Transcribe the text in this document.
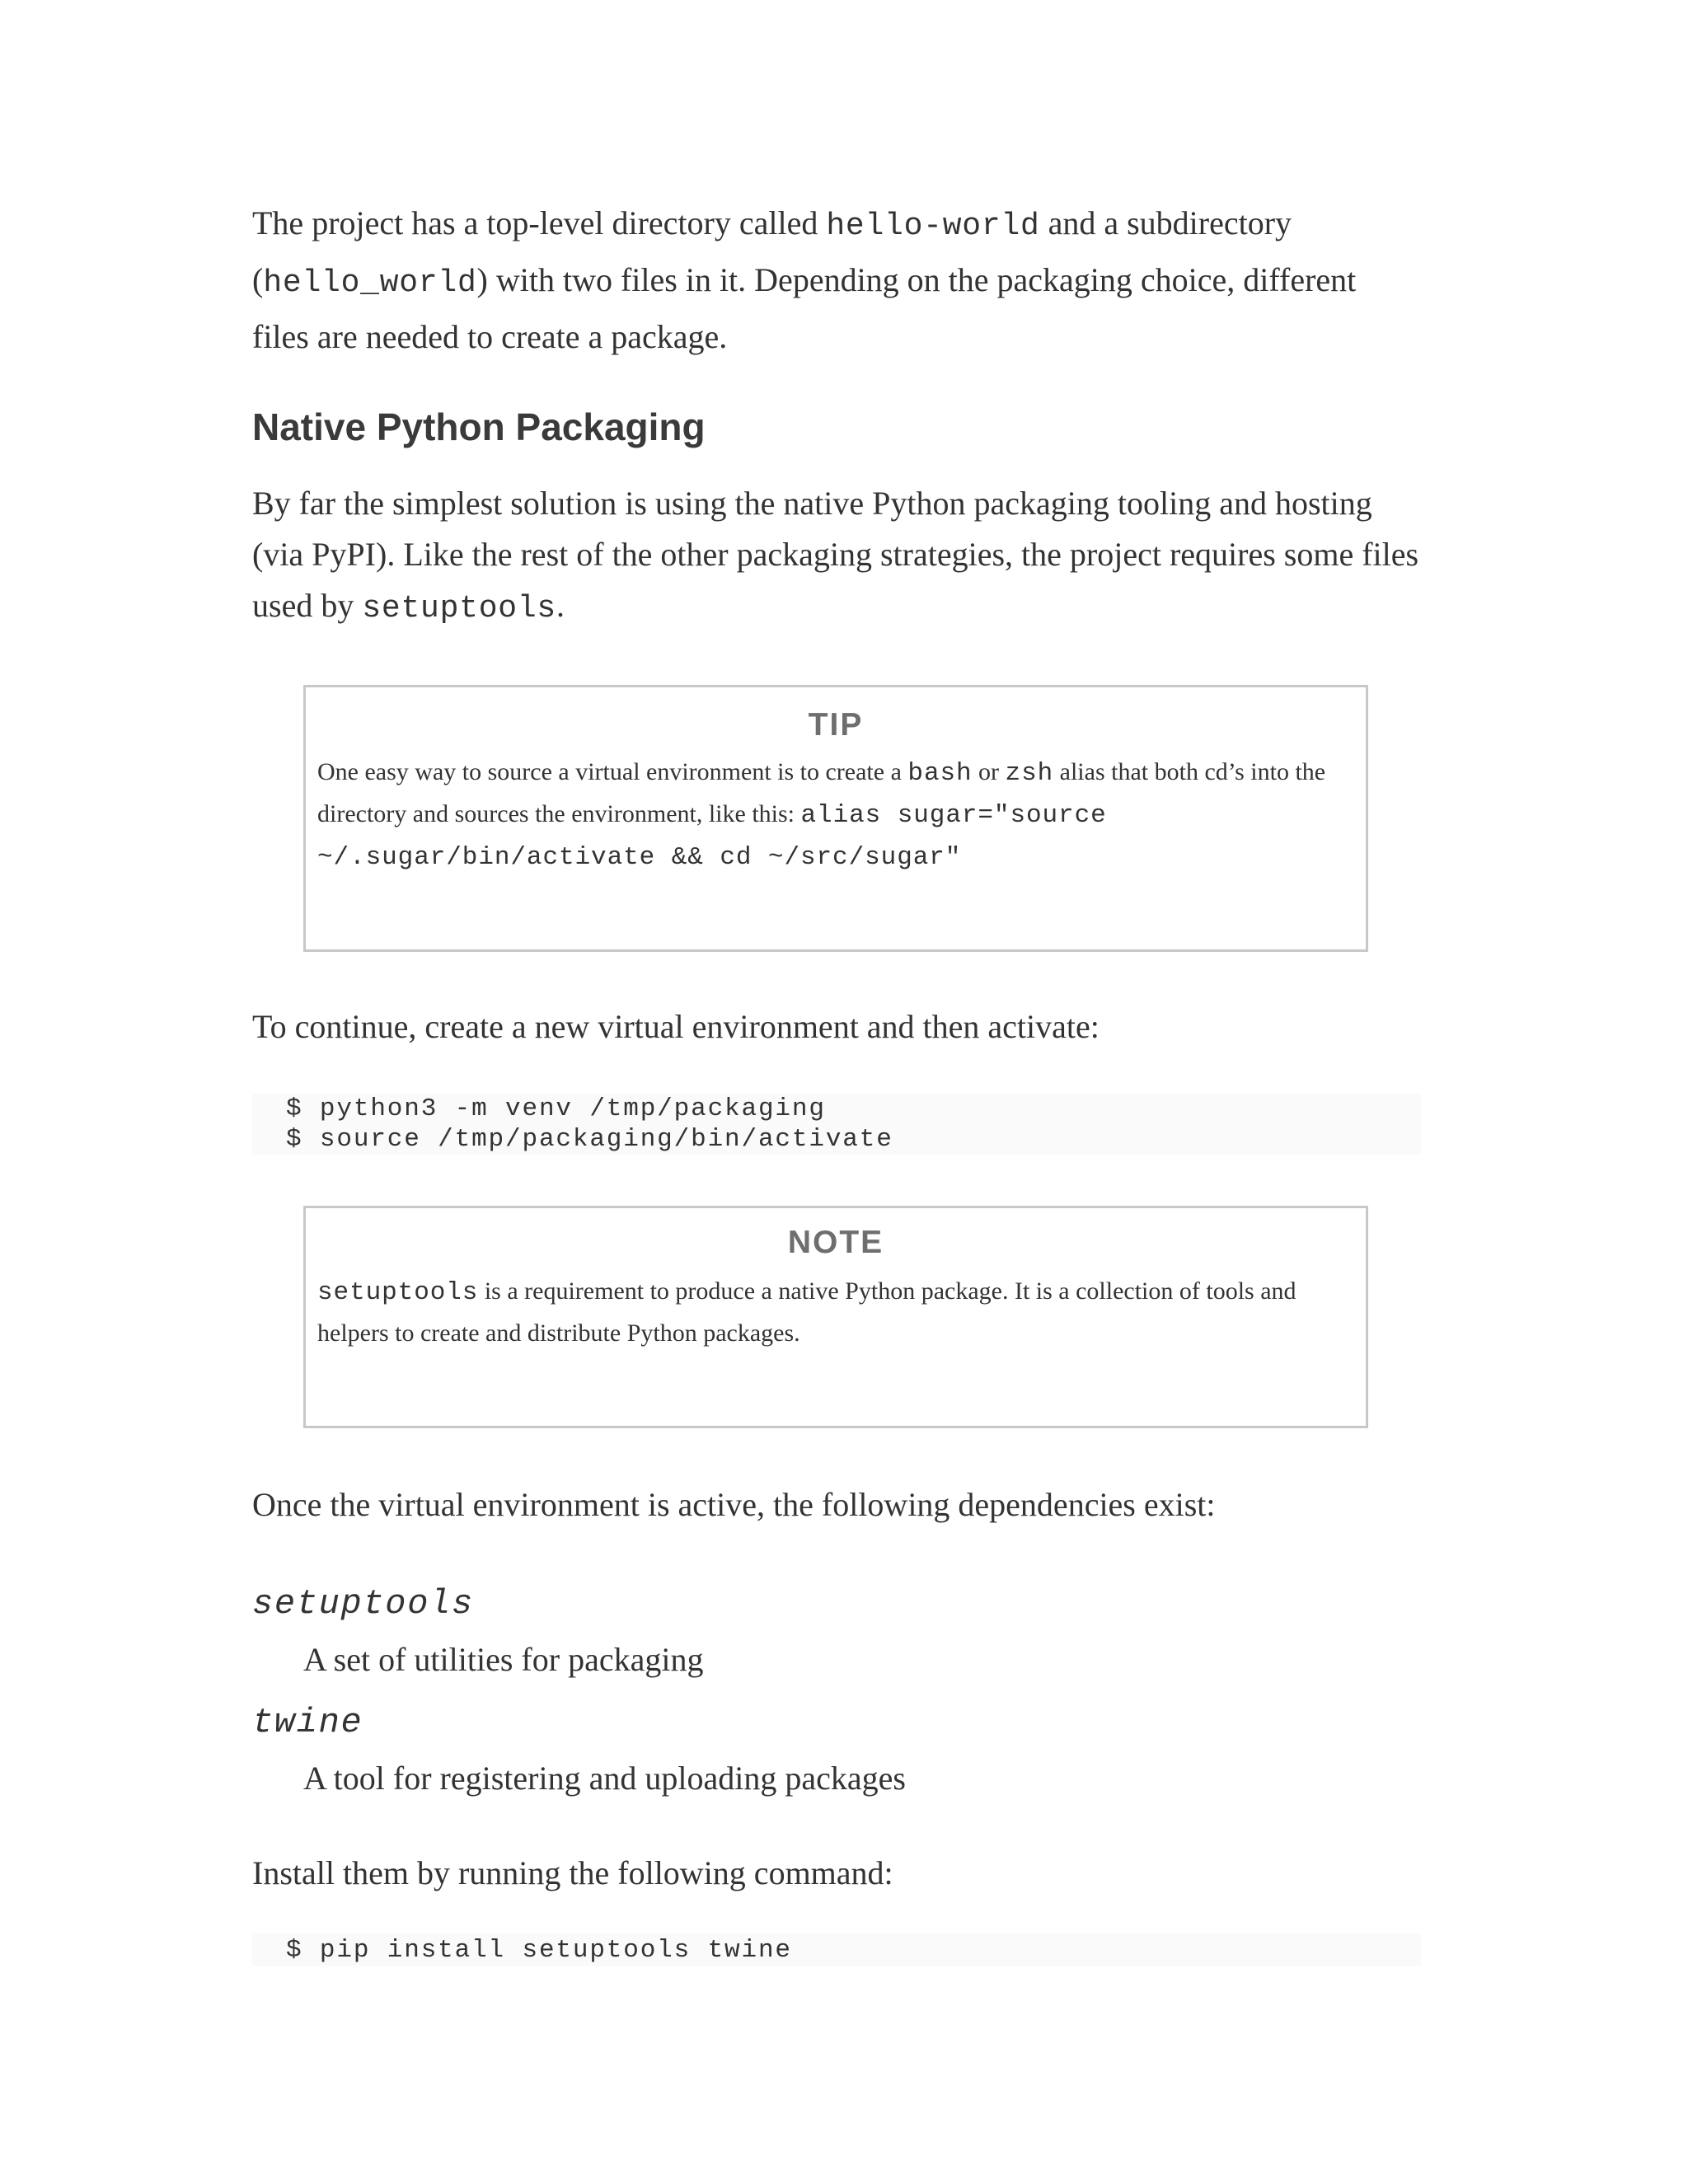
The project has a top-level directory called hello-world and a subdirectory (hello_world) with two files in it. Depending on the packaging choice, different files are needed to create a package.

Native Python Packaging

By far the simplest solution is using the native Python packaging tooling and hosting (via PyPI). Like the rest of the other packaging strategies, the project requires some files used by setuptools.

TIP

One easy way to source a virtual environment is to create a bash or zsh alias that both cd’s into the directory and sources the environment, like this: alias sugar="source ~/.sugar/bin/activate && cd ~/src/sugar"

To continue, create a new virtual environment and then activate:

$ python3 -m venv /tmp/packaging
$ source /tmp/packaging/bin/activate

NOTE

setuptools is a requirement to produce a native Python package. It is a collection of tools and helpers to create and distribute Python packages.

Once the virtual environment is active, the following dependencies exist:

setuptools

A set of utilities for packaging

twine

A tool for registering and uploading packages

Install them by running the following command:

$ pip install setuptools twine
